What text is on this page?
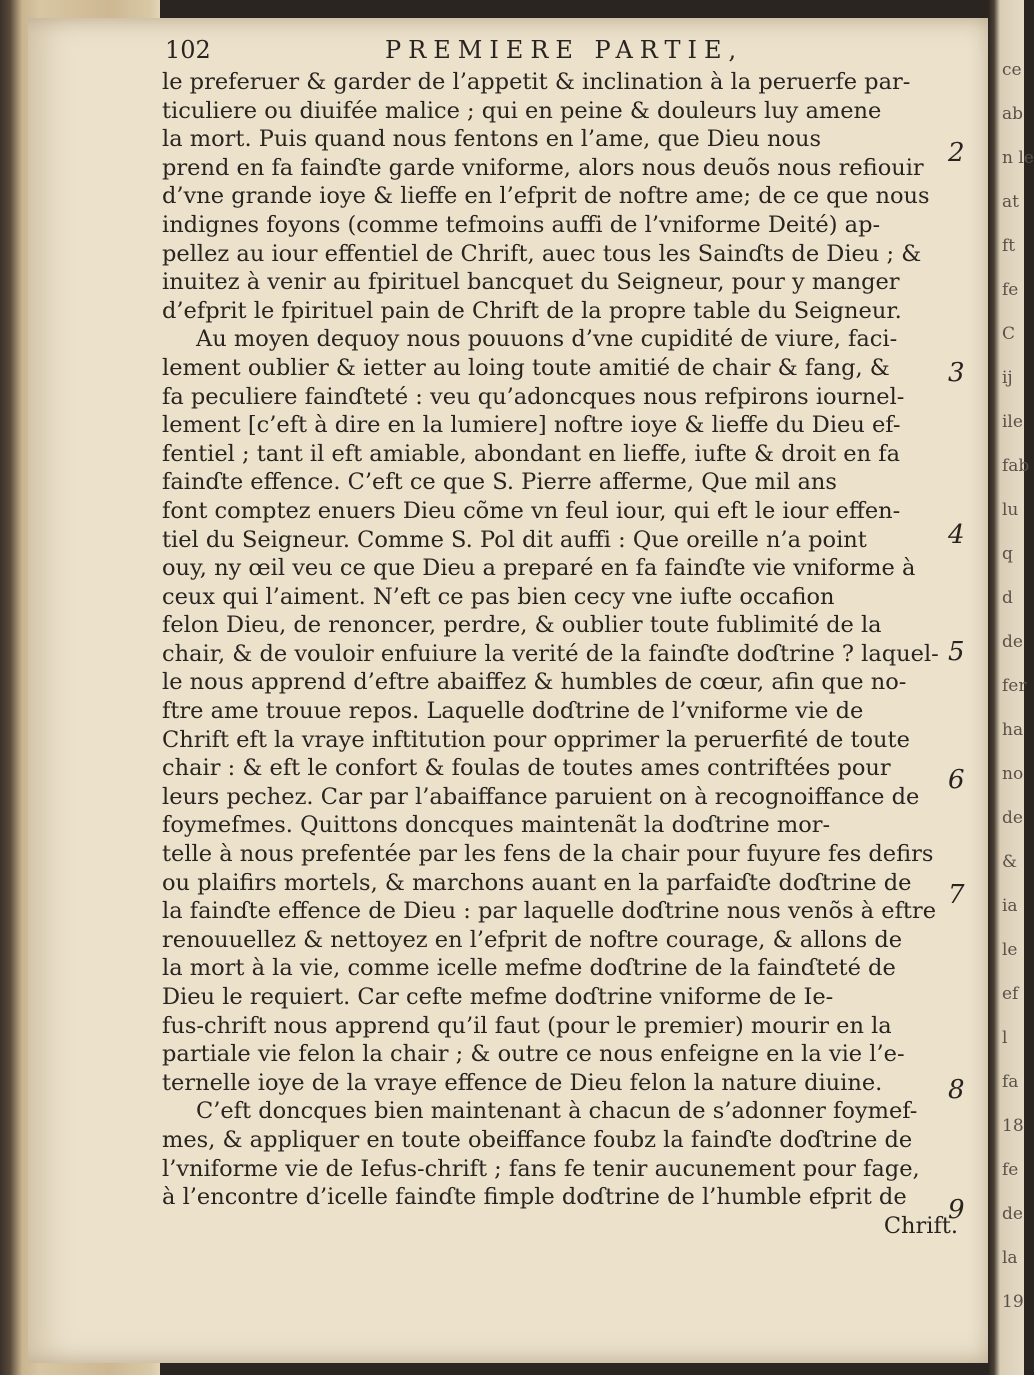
102	PREMIERE PARTIE,
le preferuer & garder de l’appetit & inclination à la peruerfe par-
ticuliere ou diuifée malice ; qui en peine & douleurs luy amene
la mort. Puis quand nous fentons en l’ame, que Dieu nous
prend en fa fainɗte garde vniforme, alors nous deuõs nous refiouir
d’vne grande ioye & lieffe en l’efprit de noftre ame; de ce que nous
indignes foyons (comme tefmoins auffi de l’vniforme Deité) ap-
pellez au iour effentiel de Chrift, auec tous les Sainɗts de Dieu ; &
inuitez à venir au fpirituel bancquet du Seigneur, pour y manger
d’efprit le fpirituel pain de Chrift de la propre table du Seigneur.
Au moyen dequoy nous pouuons d’vne cupidité de viure, faci-
lement oublier & ietter au loing toute amitié de chair & fang, &
fa peculiere fainɗteté : veu qu’adoncques nous refpirons iournel-
lement [c’eft à dire en la lumiere] noftre ioye & lieffe du Dieu ef-
fentiel ; tant il eft amiable, abondant en lieffe, iufte & droit en fa
fainɗte effence. C’eft ce que S. Pierre afferme, Que mil ans
font comptez enuers Dieu cõme vn feul iour, qui eft le iour effen-
tiel du Seigneur. Comme S. Pol dit auffi : Que oreille n’a point
ouy, ny œil veu ce que Dieu a preparé en fa fainɗte vie vniforme à
ceux qui l’aiment. N’eft ce pas bien cecy vne iufte occafion
felon Dieu, de renoncer, perdre, & oublier toute fublimité de la
chair, & de vouloir enfuiure la verité de la fainɗte doɗtrine ? laquel-
le nous apprend d’eftre abaiffez & humbles de cœur, afin que no-
ftre ame trouue repos. Laquelle doɗtrine de l’vniforme vie de
Chrift eft la vraye inftitution pour opprimer la peruerfité de toute
chair : & eft le confort & foulas de toutes ames contriftées pour
leurs pechez. Car par l’abaiffance paruient on à recognoiffance de
foymefmes. Quittons doncques maintenãt la doɗtrine mor-
telle à nous prefentée par les fens de la chair pour fuyure fes defirs
ou plaifirs mortels, & marchons auant en la parfaiɗte doɗtrine de
la fainɗte effence de Dieu : par laquelle doɗtrine nous venõs à eftre
renouuellez & nettoyez en l’efprit de noftre courage, & allons de
la mort à la vie, comme icelle mefme doɗtrine de la fainɗteté de
Dieu le requiert. Car cefte mefme doɗtrine vniforme de Ie-
fus-chrift nous apprend qu’il faut (pour le premier) mourir en la
partiale vie felon la chair ; & outre ce nous enfeigne en la vie l’e-
ternelle ioye de la vraye effence de Dieu felon la nature diuine.
C’eft doncques bien maintenant à chacun de s’adonner foymef-
mes, & appliquer en toute obeiffance foubz la fainɗte doɗtrine de
l’vniforme vie de Iefus-chrift ; fans fe tenir aucunement pour fage,
à l’encontre d’icelle fainɗte fimple doɗtrine de l’humble efprit de
Chrift.
2
3
4
5
6
7
8
9
ce
ab
n le
at
ft
fe
C
ij
ile
fab
lu
q
d
de
fer
ha
no
de
&
ia
le
ef
l
fa
18
fe
de
la
19
